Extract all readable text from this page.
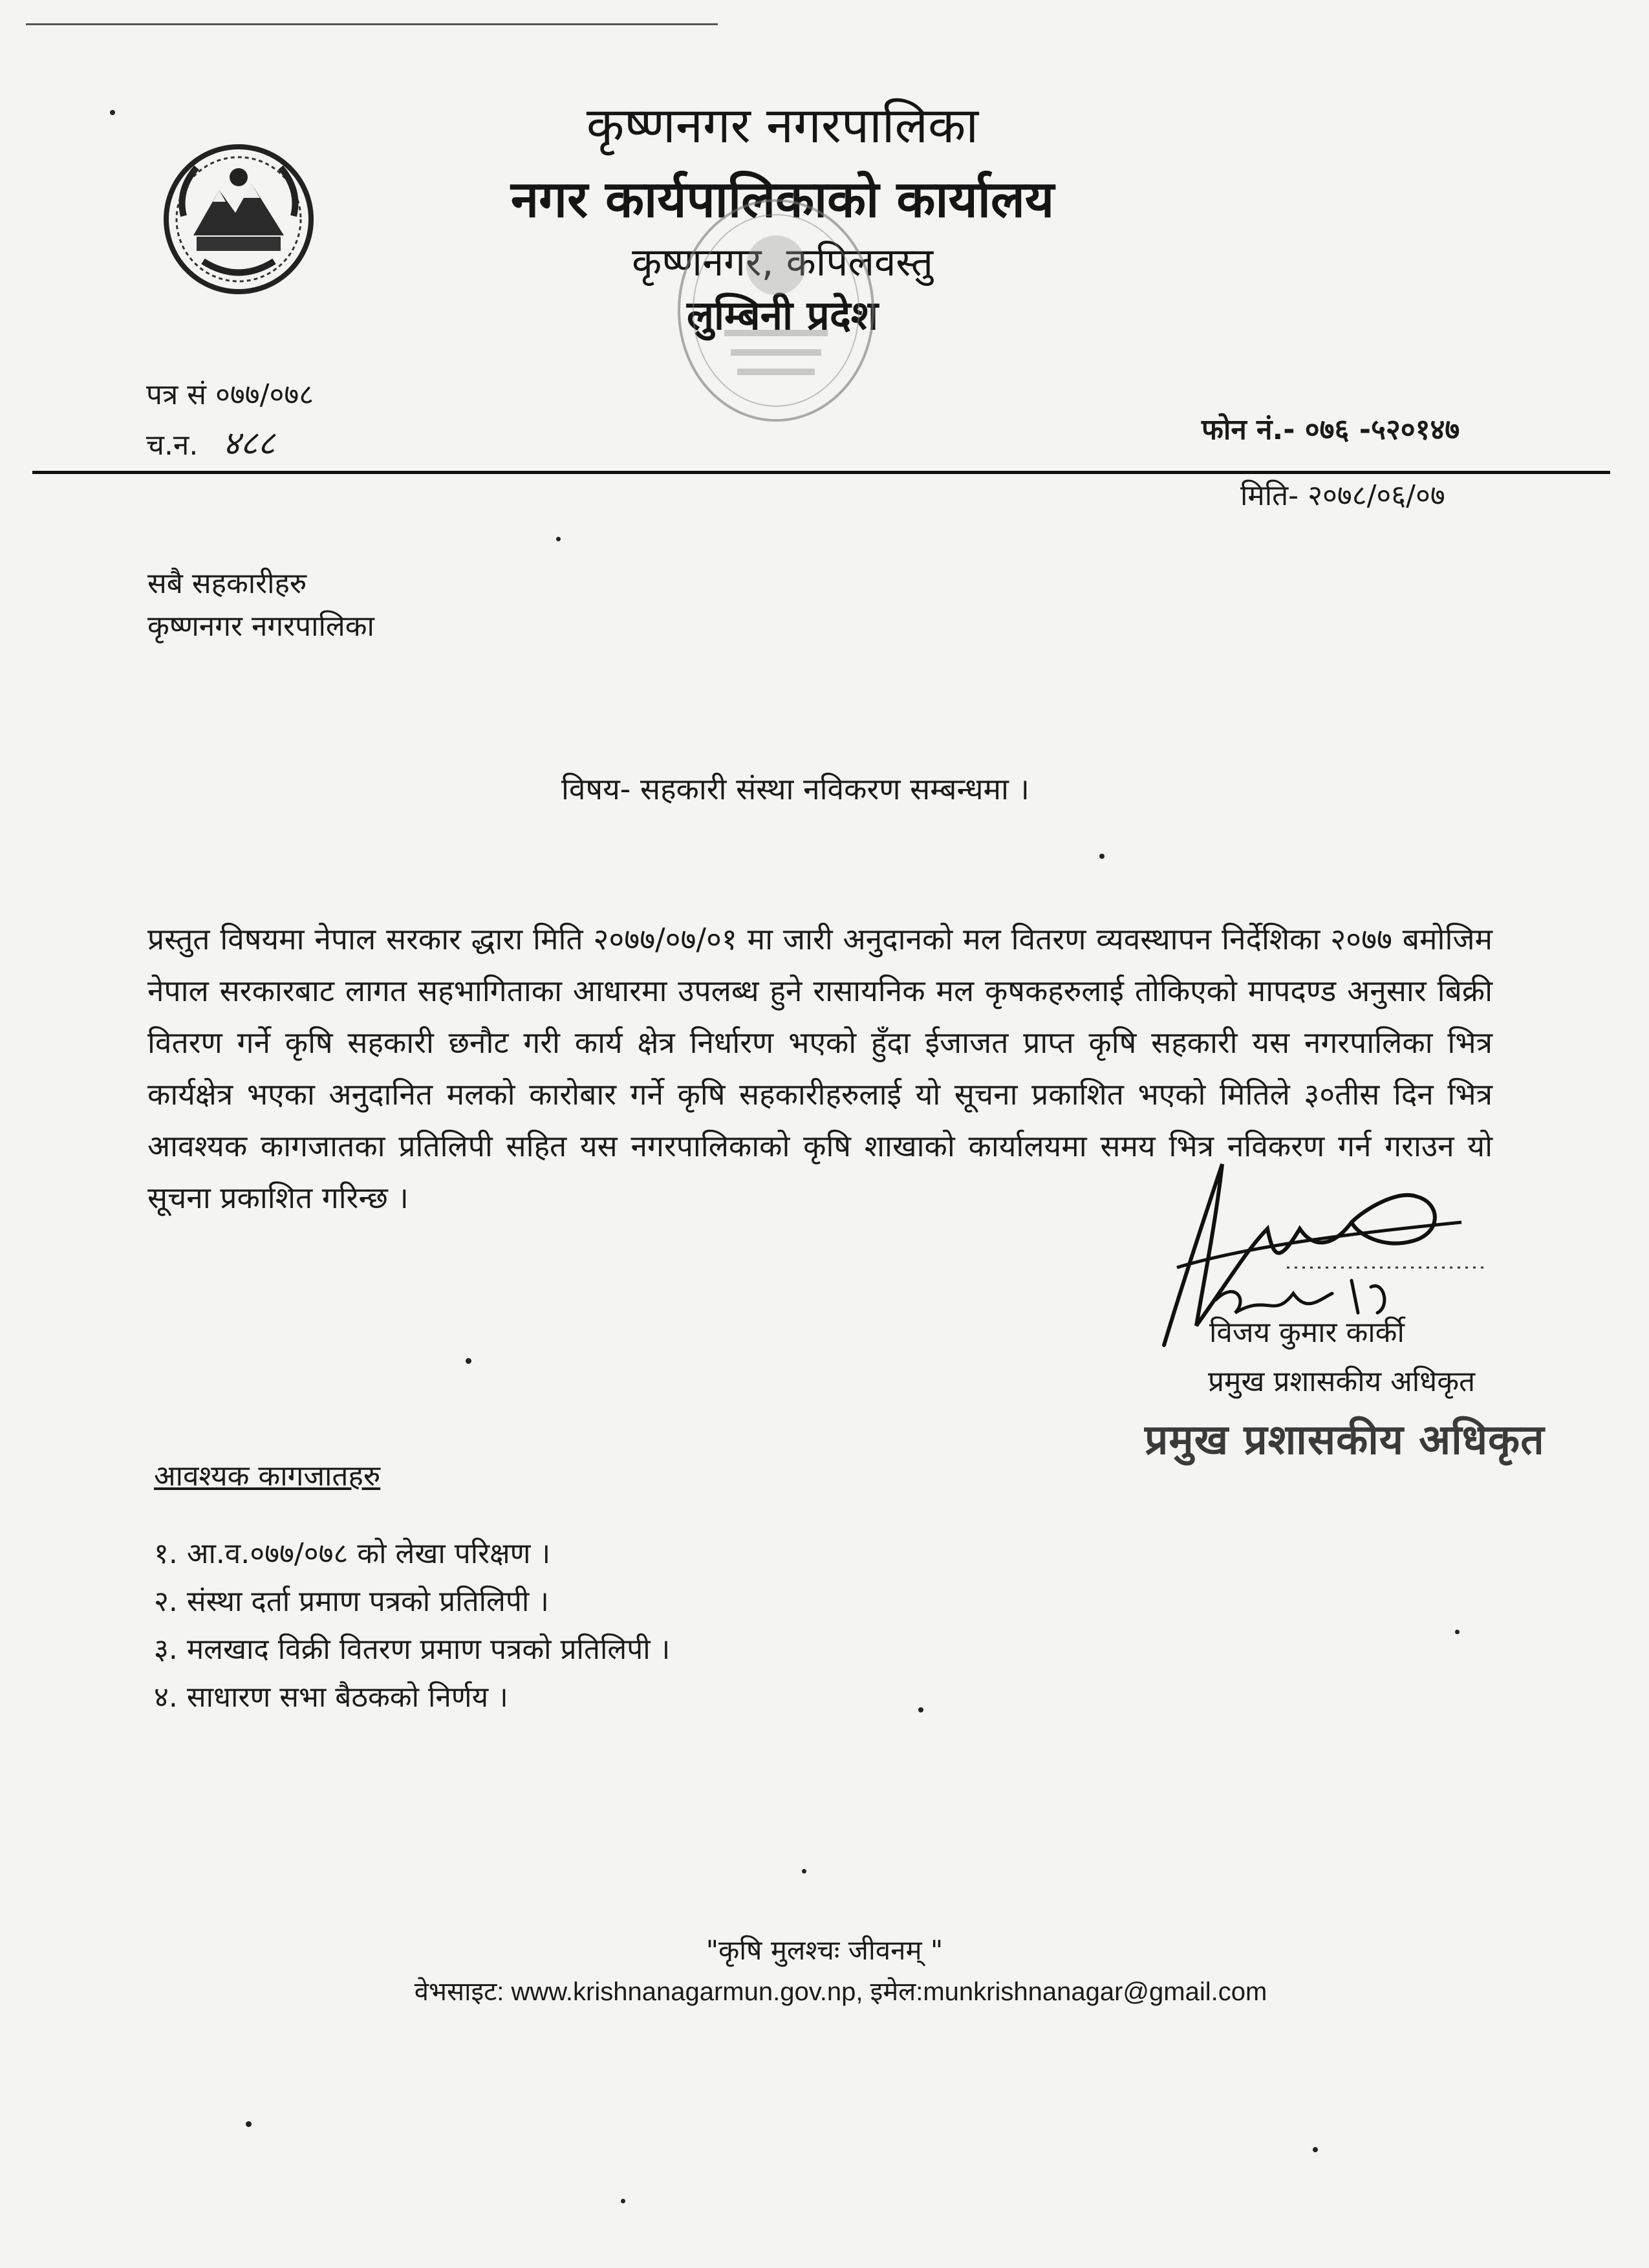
कृष्णनगर नगरपालिका
नगर कार्यपालिकाको कार्यालय
कृष्णनगर, कपिलवस्तु
लुम्बिनी प्रदेश
पत्र सं ०७७/०७८
च.न. ४८८	फोन नं.- ०७६ -५२०१४७
मिति- २०७८/०६/०७
सबै सहकारीहरु
कृष्णनगर नगरपालिका
विषय- सहकारी संस्था नविकरण सम्बन्धमा ।
प्रस्तुत विषयमा नेपाल सरकार द्धारा मिति २०७७/०७/०१ मा जारी अनुदानको मल वितरण व्यवस्थापन निर्देशिका २०७७ बमोजिम नेपाल सरकारबाट लागत सहभागिताका आधारमा उपलब्ध हुने रासायनिक मल कृषकहरुलाई तोकिएको मापदण्ड अनुसार बिक्री वितरण गर्ने कृषि सहकारी छनौट गरी कार्य क्षेत्र निर्धारण भएको हुँदा ईजाजत प्राप्त कृषि सहकारी यस नगरपालिका भित्र कार्यक्षेत्र भएका अनुदानित मलको कारोबार गर्ने कृषि सहकारीहरुलाई यो सूचना प्रकाशित भएको मितिले ३०तीस दिन भित्र आवश्यक कागजातका प्रतिलिपी सहित यस नगरपालिकाको कृषि शाखाको कार्यालयमा समय भित्र नविकरण गर्न गराउन यो सूचना प्रकाशित गरिन्छ ।
विजय कुमार कार्की
प्रमुख प्रशासकीय अधिकृत
प्रमुख प्रशासकीय अधिकृत
आवश्यक कागजातहरु
१. आ.व.०७७/०७८ को लेखा परिक्षण ।
२. संस्था दर्ता प्रमाण पत्रको प्रतिलिपी ।
३. मलखाद विक्री वितरण प्रमाण पत्रको प्रतिलिपी ।
४. साधारण सभा बैठकको निर्णय ।
"कृषि मुलश्चः जीवनम् "
वेभसाइट: www.krishnanagarmun.gov.np, इमेल:munkrishnanagar@gmail.com
